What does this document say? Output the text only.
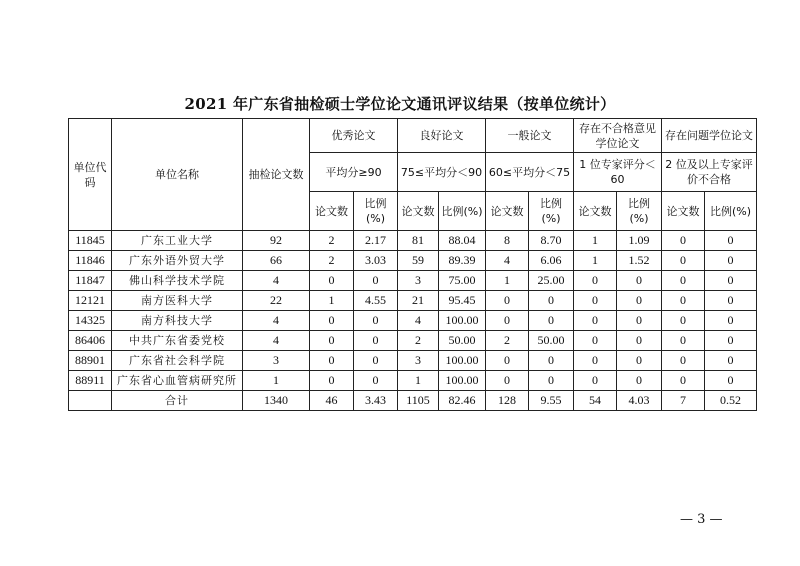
2021 年广东省抽检硕士学位论文通讯评议结果（按单位统计）
单位代码	单位名称	抽检论文数	优秀论文		良好论文		一般论文		存在不合格意见学位论文		存在问题学位论文	
			平均分≥90		75≤平均分＜90		60≤平均分＜75		1 位专家评分＜60		2 位及以上专家评价不合格	
			论文数	比例(%)	论文数	比例(%)	论文数	比例(%)	论文数	比例(%)	论文数	比例(%)
11845	广东工业大学	92	2	2.17	81	88.04	8	8.70	1	1.09	0	0
11846	广东外语外贸大学	66	2	3.03	59	89.39	4	6.06	1	1.52	0	0
11847	佛山科学技术学院	4	0	0	3	75.00	1	25.00	0	0	0	0
12121	南方医科大学	22	1	4.55	21	95.45	0	0	0	0	0	0
14325	南方科技大学	4	0	0	4	100.00	0	0	0	0	0	0
86406	中共广东省委党校	4	0	0	2	50.00	2	50.00	0	0	0	0
88901	广东省社会科学院	3	0	0	3	100.00	0	0	0	0	0	0
88911	广东省心血管病研究所	1	0	0	1	100.00	0	0	0	0	0	0
	合计	1340	46	3.43	1105	82.46	128	9.55	54	4.03	7	0.52
— 3 —
